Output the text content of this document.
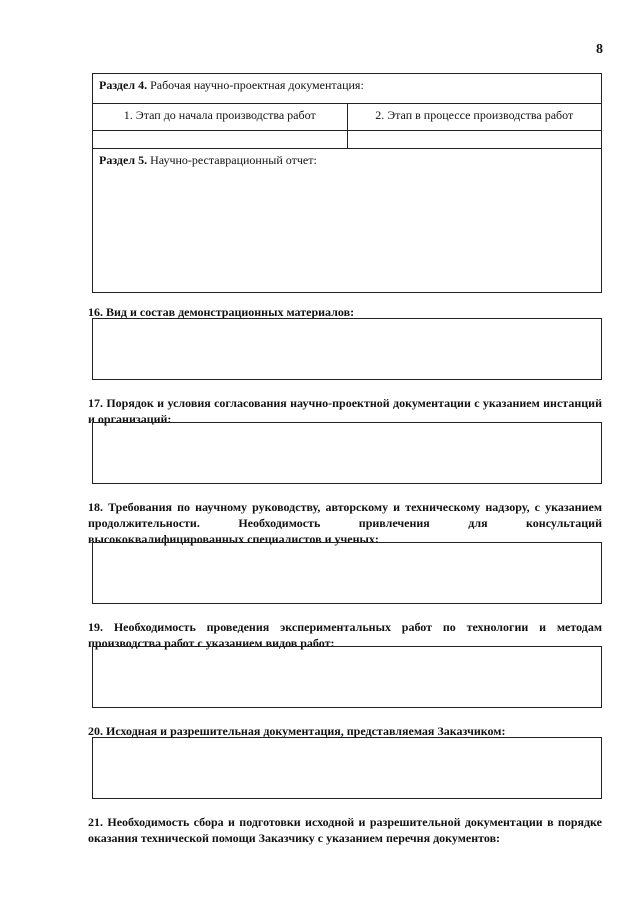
8
Раздел 4. Рабочая научно-проектная документация:	
1. Этап до начала производства работ	2. Этап в процессе производства работ

Раздел 5. Научно-реставрационный отчет:	
16. Вид и состав демонстрационных материалов:
17. Порядок и условия согласования научно-проектной документации с указанием инстанций и организаций:
18. Требования по научному руководству, авторскому и техническому надзору, с указанием продолжительности. Необходимость привлечения для консультаций высококвалифицированных специалистов и ученых:
19. Необходимость проведения экспериментальных работ по технологии и методам производства работ с указанием видов работ:
20. Исходная и разрешительная документация, представляемая Заказчиком:
21. Необходимость сбора и подготовки исходной и разрешительной документации в порядке оказания технической помощи Заказчику с указанием перечня документов:
